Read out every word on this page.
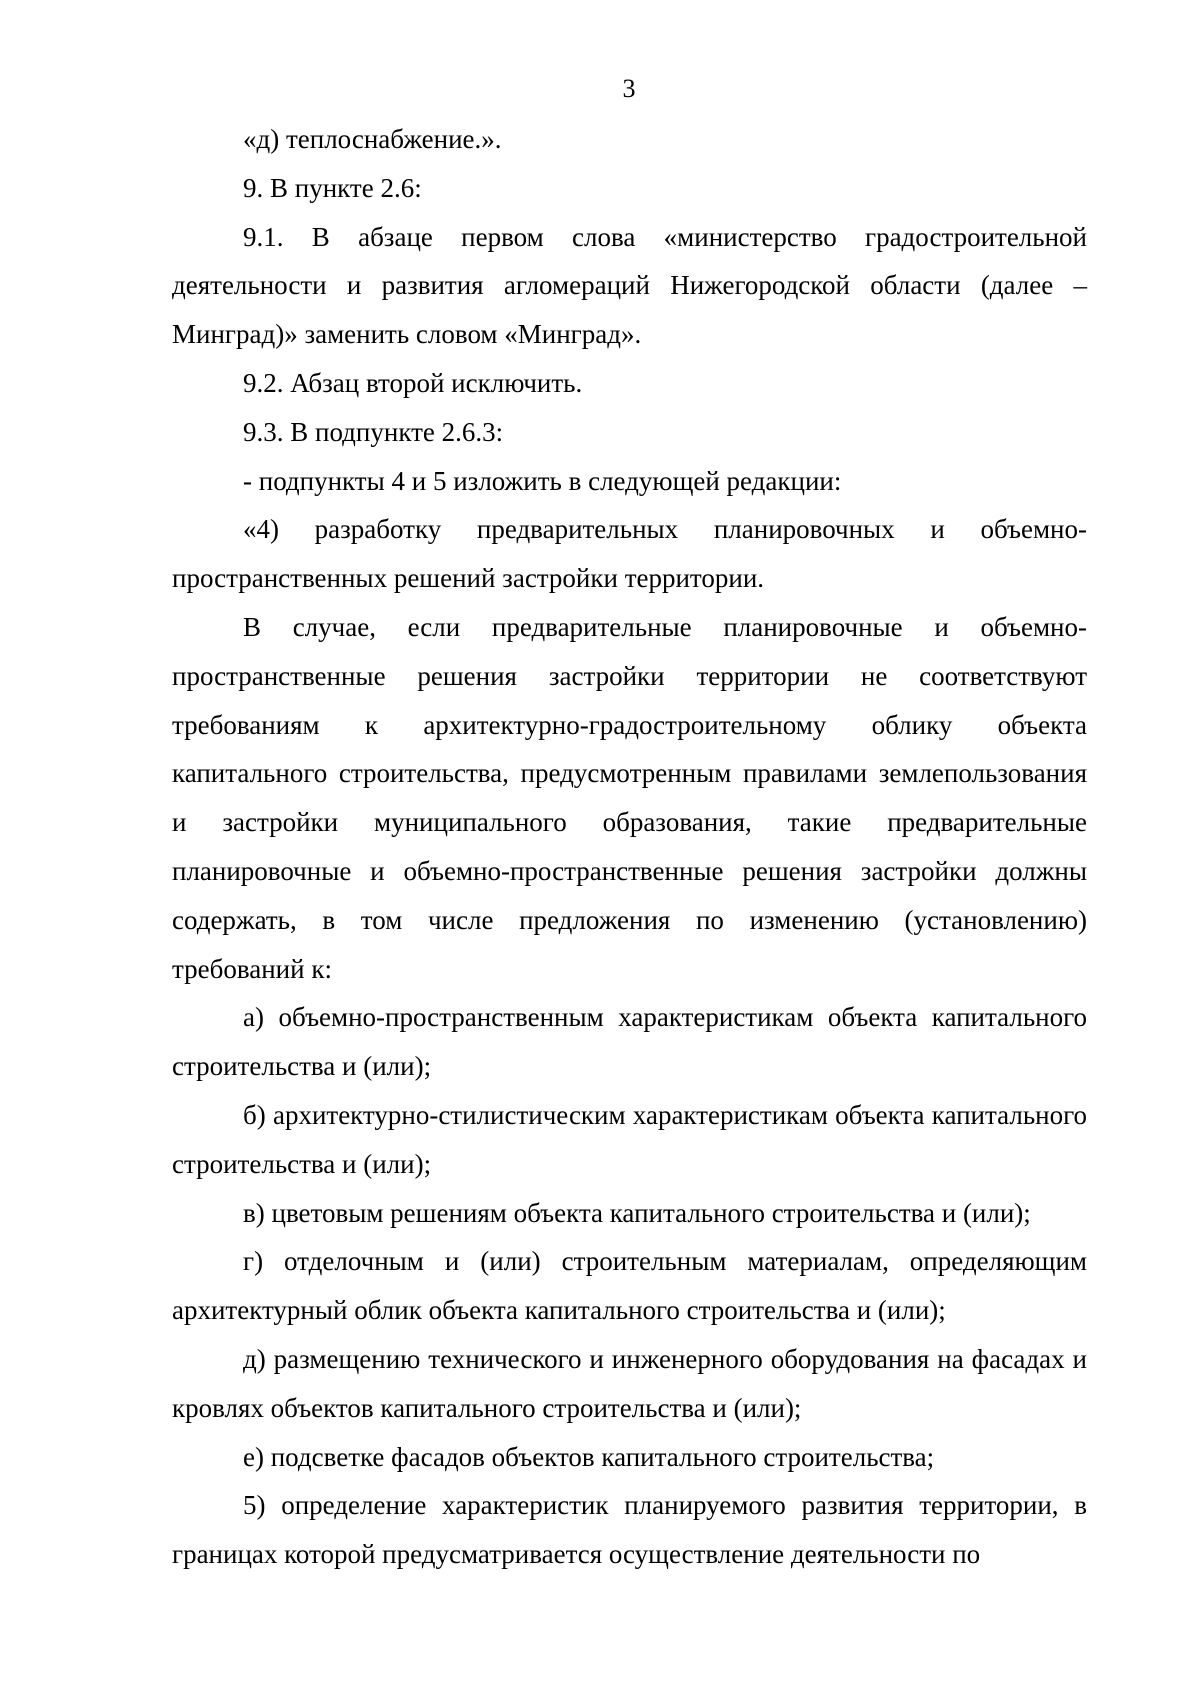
3

«д) теплоснабжение.».

9. В пункте 2.6:

9.1. В абзаце первом слова «министерство градостроительной деятельности и развития агломераций Нижегородской области (далее – Минград)» заменить словом «Минград».

9.2. Абзац второй исключить.

9.3. В подпункте 2.6.3:

- подпункты 4 и 5 изложить в следующей редакции:

«4) разработку предварительных планировочных и объемно-пространственных решений застройки территории.

В случае, если предварительные планировочные и объемно-пространственные решения застройки территории не соответствуют требованиям к архитектурно-градостроительному облику объекта капитального строительства, предусмотренным правилами землепользования и застройки муниципального образования, такие предварительные планировочные и объемно-пространственные решения застройки должны содержать, в том числе предложения по изменению (установлению) требований к:

а) объемно-пространственным характеристикам объекта капитального строительства и (или);

б) архитектурно-стилистическим характеристикам объекта капитального строительства и (или);

в) цветовым решениям объекта капитального строительства и (или);

г) отделочным и (или) строительным материалам, определяющим архитектурный облик объекта капитального строительства и (или);

д) размещению технического и инженерного оборудования на фасадах и кровлях объектов капитального строительства и (или);

е) подсветке фасадов объектов капитального строительства;

5) определение характеристик планируемого развития территории, в границах которой предусматривается осуществление деятельности по
